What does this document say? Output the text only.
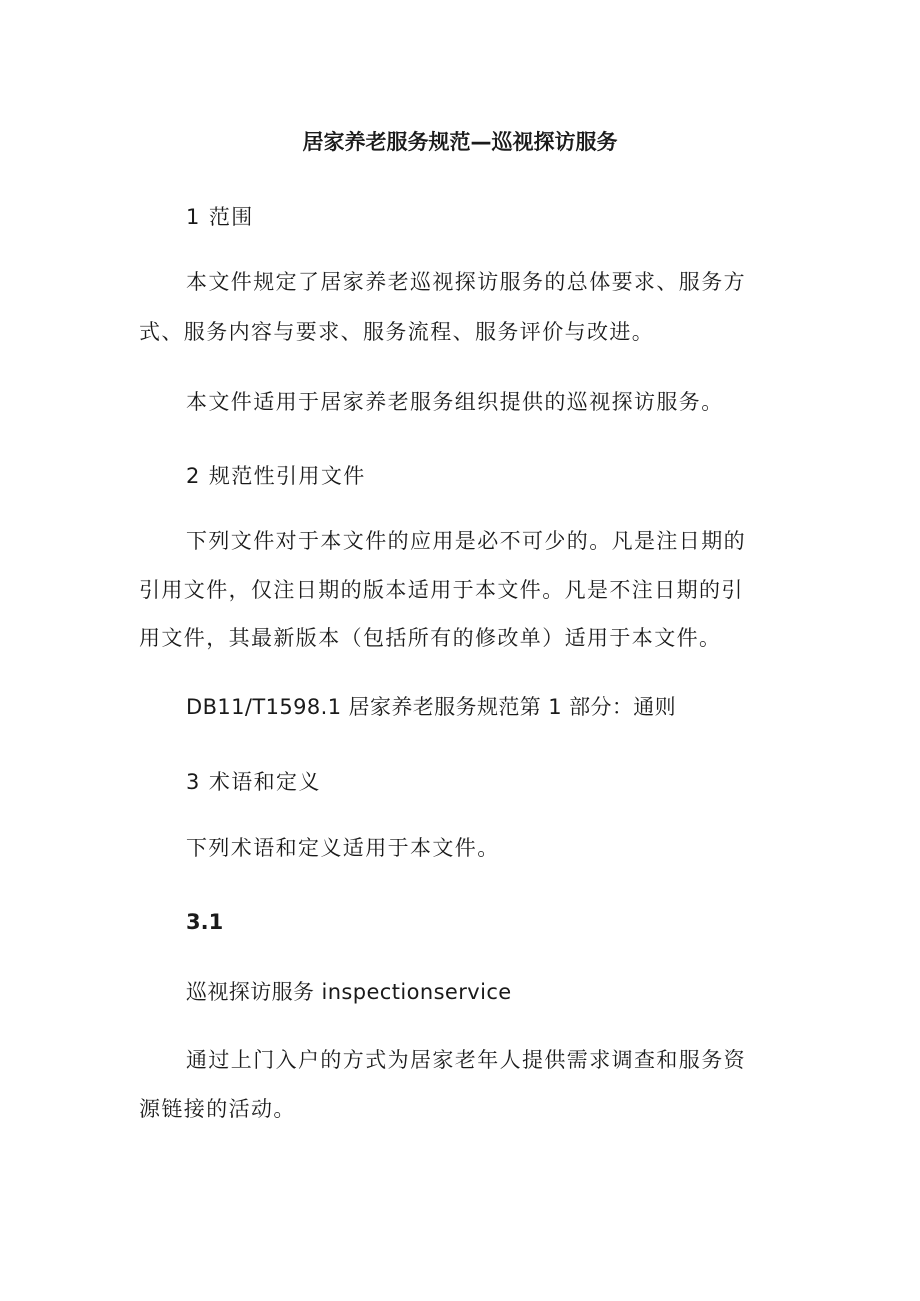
居家养老服务规范—巡视探访服务
1 范围
本文件规定了居家养老巡视探访服务的总体要求、服务方
式、服务内容与要求、服务流程、服务评价与改进。
本文件适用于居家养老服务组织提供的巡视探访服务。
2 规范性引用文件
下列文件对于本文件的应用是必不可少的。凡是注日期的
引用文件，仅注日期的版本适用于本文件。凡是不注日期的引
用文件，其最新版本（包括所有的修改单）适用于本文件。
DB11/T1598.1 居家养老服务规范第 1 部分：通则
3 术语和定义
下列术语和定义适用于本文件。
3.1
巡视探访服务 inspectionservice
通过上门入户的方式为居家老年人提供需求调查和服务资
源链接的活动。
